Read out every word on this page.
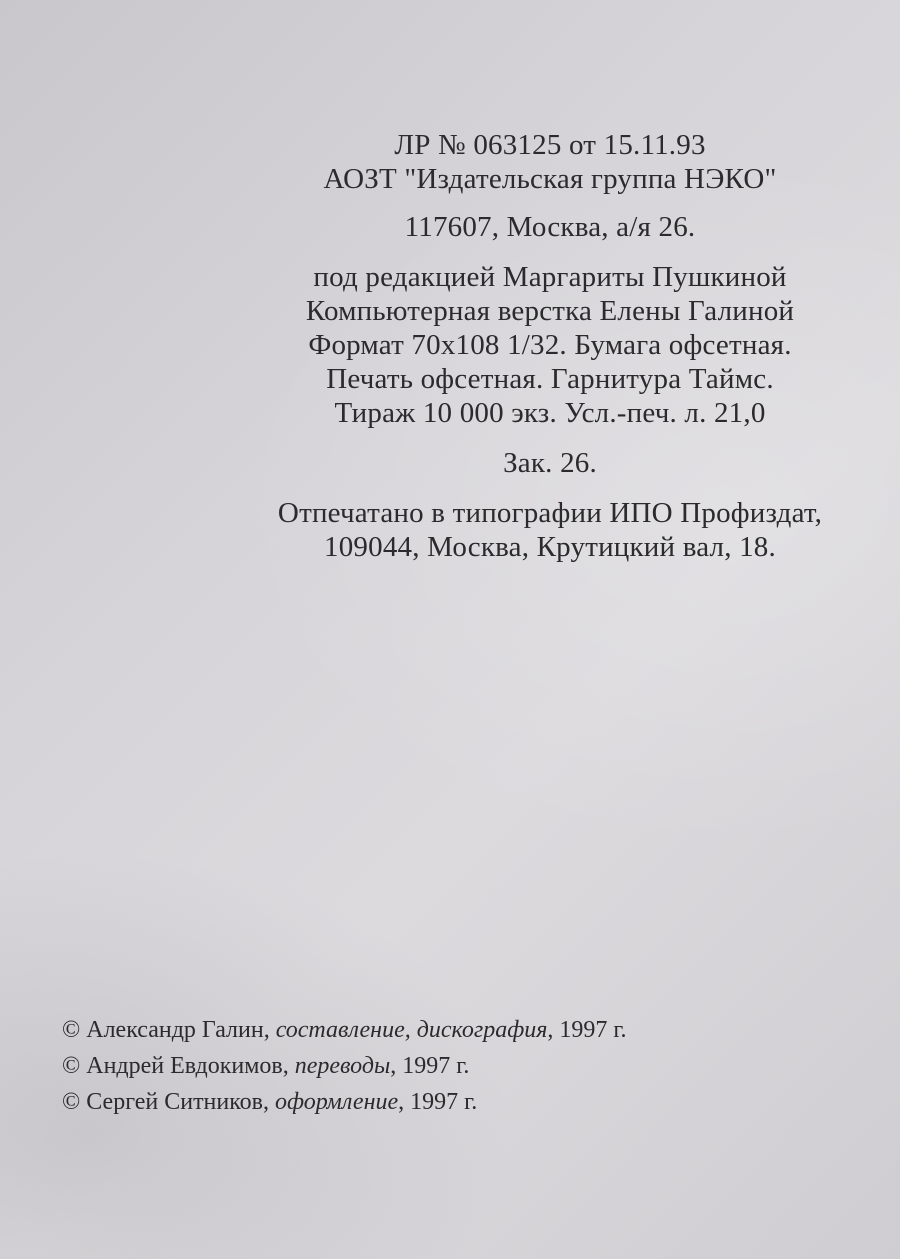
ЛР № 063125 от 15.11.93
АОЗТ "Издательская группа НЭКО"
117607, Москва, а/я 26.
под редакцией Маргариты Пушкиной
Компьютерная верстка Елены Галиной
Формат 70х108 1/32. Бумага офсетная.
Печать офсетная. Гарнитура Таймс.
Тираж 10 000 экз. Усл.-печ. л. 21,0
Зак. 26.
Отпечатано в типографии ИПО Профиздат,
109044, Москва, Крутицкий вал, 18.
© Александр Галин, составление, дискография, 1997 г.
© Андрей Евдокимов, переводы, 1997 г.
© Сергей Ситников, оформление, 1997 г.
